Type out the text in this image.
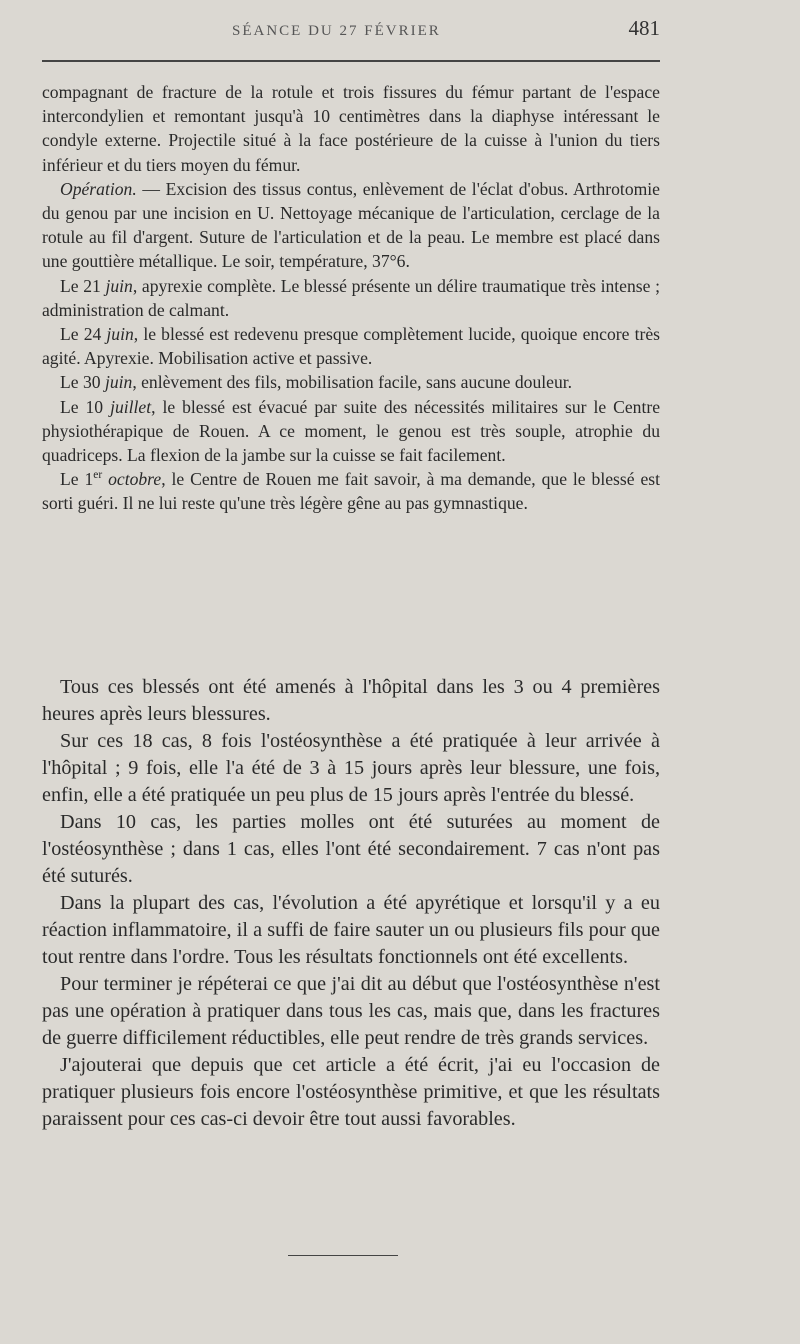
SÉANCE DU 27 FÉVRIER	481

compagnant de fracture de la rotule et trois fissures du fémur partant de l'espace intercondylien et remontant jusqu'à 10 centimètres dans la diaphyse intéressant le condyle externe. Projectile situé à la face postérieure de la cuisse à l'union du tiers inférieur et du tiers moyen du fémur.

Opération. — Excision des tissus contus, enlèvement de l'éclat d'obus. Arthrotomie du genou par une incision en U. Nettoyage mécanique de l'articulation, cerclage de la rotule au fil d'argent. Suture de l'articulation et de la peau. Le membre est placé dans une gouttière métallique. Le soir, température, 37°6.

Le 21 juin, apyrexie complète. Le blessé présente un délire traumatique très intense ; administration de calmant.

Le 24 juin, le blessé est redevenu presque complètement lucide, quoique encore très agité. Apyrexie. Mobilisation active et passive.

Le 30 juin, enlèvement des fils, mobilisation facile, sans aucune douleur.

Le 10 juillet, le blessé est évacué par suite des nécessités militaires sur le Centre physiothérapique de Rouen. A ce moment, le genou est très souple, atrophie du quadriceps. La flexion de la jambe sur la cuisse se fait facilement.

Le 1er octobre, le Centre de Rouen me fait savoir, à ma demande, que le blessé est sorti guéri. Il ne lui reste qu'une très légère gêne au pas gymnastique.

Tous ces blessés ont été amenés à l'hôpital dans les 3 ou 4 premières heures après leurs blessures.

Sur ces 18 cas, 8 fois l'ostéosynthèse a été pratiquée à leur arrivée à l'hôpital ; 9 fois, elle l'a été de 3 à 15 jours après leur blessure, une fois, enfin, elle a été pratiquée un peu plus de 15 jours après l'entrée du blessé.

Dans 10 cas, les parties molles ont été suturées au moment de l'ostéosynthèse ; dans 1 cas, elles l'ont été secondairement. 7 cas n'ont pas été suturés.

Dans la plupart des cas, l'évolution a été apyrétique et lorsqu'il y a eu réaction inflammatoire, il a suffi de faire sauter un ou plusieurs fils pour que tout rentre dans l'ordre. Tous les résultats fonctionnels ont été excellents.

Pour terminer je répéterai ce que j'ai dit au début que l'ostéosynthèse n'est pas une opération à pratiquer dans tous les cas, mais que, dans les fractures de guerre difficilement réductibles, elle peut rendre de très grands services.

J'ajouterai que depuis que cet article a été écrit, j'ai eu l'occasion de pratiquer plusieurs fois encore l'ostéosynthèse primitive, et que les résultats paraissent pour ces cas-ci devoir être tout aussi favorables.
